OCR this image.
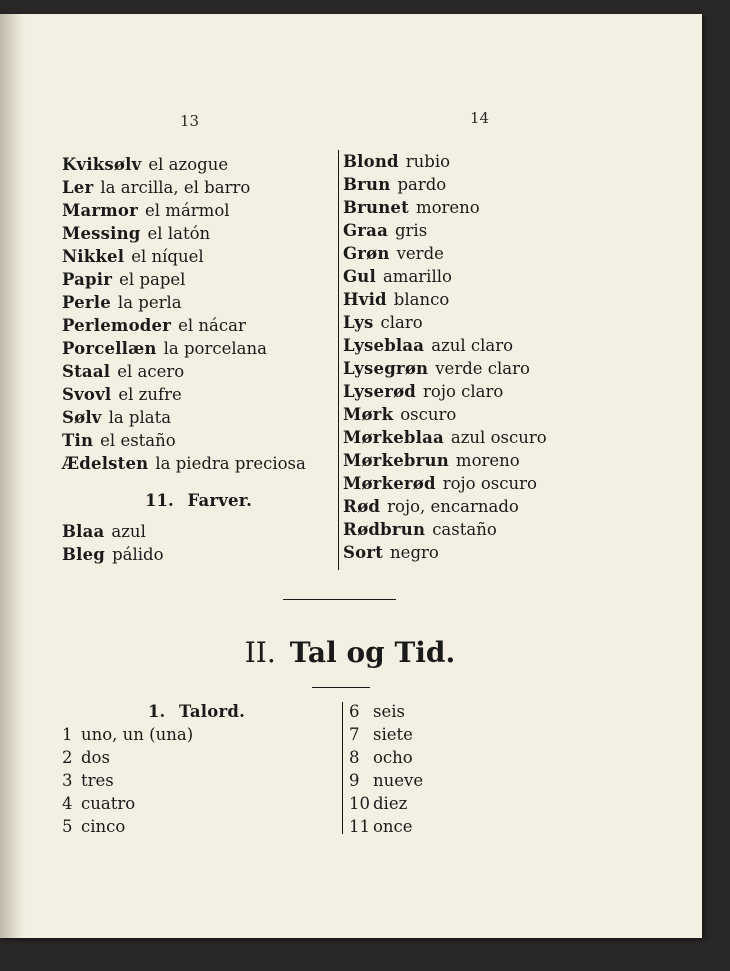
13	14
Kviksølv el azogue
Ler la arcilla, el barro
Marmor el mármol
Messing el latón
Nikkel el níquel
Papir el papel
Perle la perla
Perlemoder el nácar
Porcellæn la porcelana
Staal el acero
Svovl el zufre
Sølv la plata
Tin el estaño
Ædelsten la piedra preciosa
11. Farver.
Blaa azul
Bleg pálido
Blond rubio
Brun pardo
Brunet moreno
Graa gris
Grøn verde
Gul amarillo
Hvid blanco
Lys claro
Lyseblaa azul claro
Lysegrøn verde claro
Lyserød rojo claro
Mørk oscuro
Mørkeblaa azul oscuro
Mørkebrun moreno
Mørkerød rojo oscuro
Rød rojo, encarnado
Rødbrun castaño
Sort negro
II. Tal og Tid.
1. Talord.
1 uno, un (una)
2 dos
3 tres
4 cuatro
5 cinco
6 seis
7 siete
8 ocho
9 nueve
10 diez
11 once
